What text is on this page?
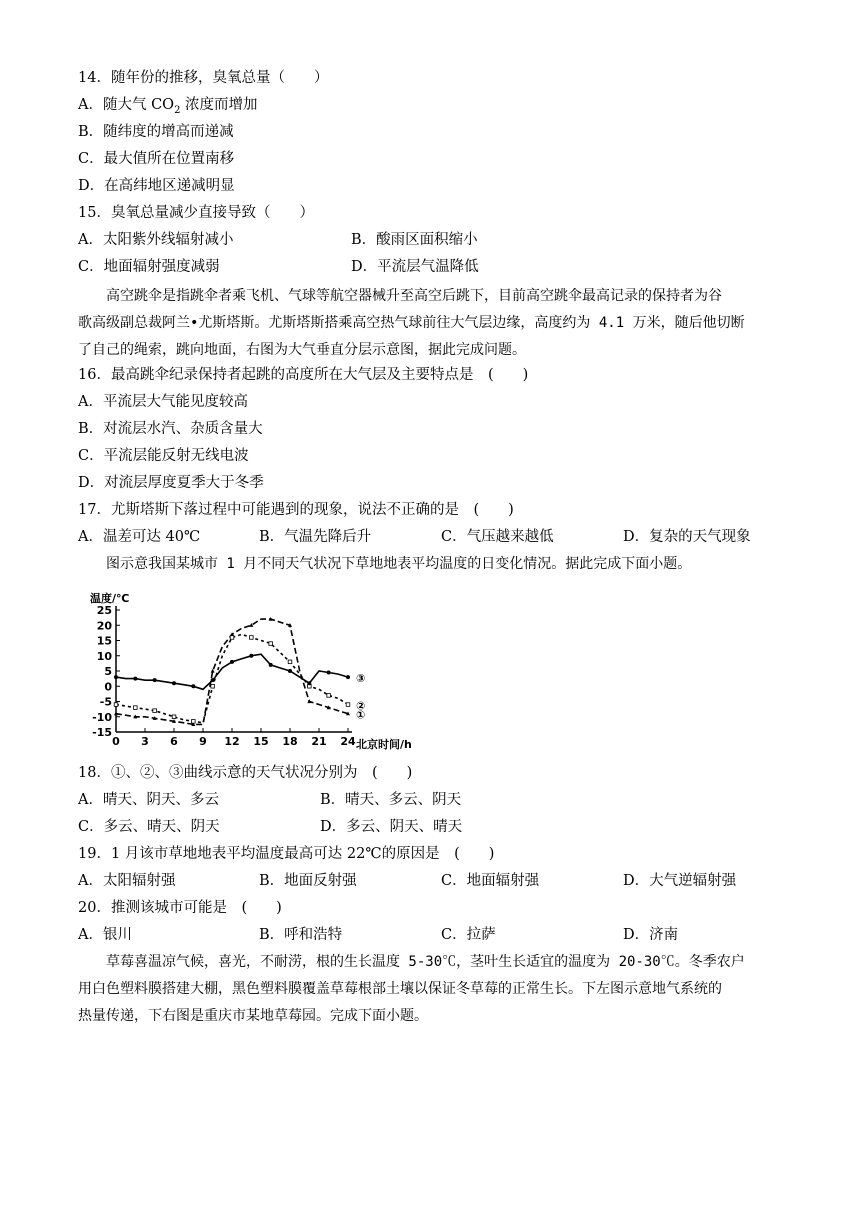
14．随年份的推移，臭氧总量（　　）
A．随大气 $CO_2$ 浓度而增加
B．随纬度的增高而递减
C．最大值所在位置南移
D．在高纬地区递减明显
15．臭氧总量减少直接导致（　　）
A．太阳紫外线辐射减小	B．酸雨区面积缩小
C．地面辐射强度减弱	D．平流层气温降低
高空跳伞是指跳伞者乘飞机、气球等航空器械升至高空后跳下，目前高空跳伞最高记录的保持者为谷
歌高级副总裁阿兰•尤斯塔斯。尤斯塔斯搭乘高空热气球前往大气层边缘，高度约为 4.1 万米，随后他切断
了自己的绳索，跳向地面，右图为大气垂直分层示意图，据此完成问题。
16．最高跳伞纪录保持者起跳的高度所在大气层及主要特点是　(　　)
A．平流层大气能见度较高
B．对流层水汽、杂质含量大
C．平流层能反射无线电波
D．对流层厚度夏季大于冬季
17．尤斯塔斯下落过程中可能遇到的现象，说法不正确的是　(　　)
A．温差可达 40℃	B．气温先降后升	C．气压越来越低	D．复杂的天气现象
图示意我国某城市 1 月不同天气状况下草地地表平均温度的日变化情况。据此完成下面小题。
25
20
15
10
5
0
-5
-10
-15
0 3 6 9 12 15 18 21 24
①
②
③
温度/℃
北京时间/h
18．①、②、③曲线示意的天气状况分别为　(　　)
A．晴天、阴天、多云	B．晴天、多云、阴天
C．多云、晴天、阴天	D．多云、阴天、晴天
19．1 月该市草地地表平均温度最高可达 22℃的原因是　(　　)
A．太阳辐射强	B．地面反射强	C．地面辐射强	D．大气逆辐射强
20．推测该城市可能是　(　　)
A．银川	B．呼和浩特	C．拉萨	D．济南
草莓喜温凉气候，喜光，不耐涝，根的生长温度 5-30℃，茎叶生长适宜的温度为 20-30℃。冬季农户
用白色塑料膜搭建大棚，黑色塑料膜覆盖草莓根部土壤以保证冬草莓的正常生长。下左图示意地气系统的
热量传递，下右图是重庆市某地草莓园。完成下面小题。
